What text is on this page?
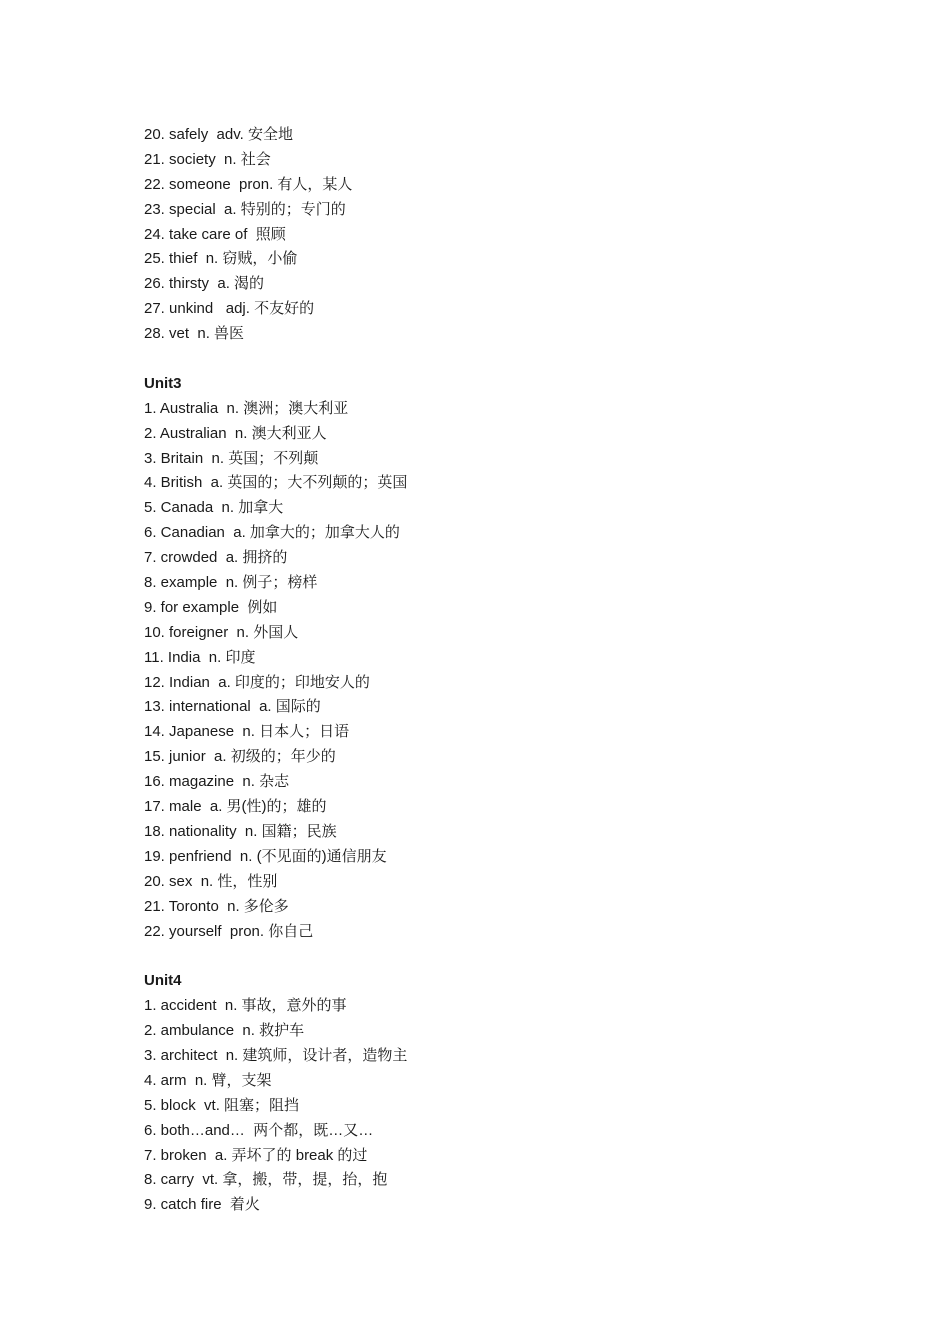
20. safely  adv. 安全地
21. society  n. 社会
22. someone  pron. 有人，某人
23. special  a. 特别的；专门的
24. take care of  照顾
25. thief  n. 窃贼，小偷
26. thirsty  a. 渴的
27. unkind   adj. 不友好的
28. vet  n. 兽医
Unit3
1. Australia  n. 澳洲；澳大利亚
2. Australian  n. 澳大利亚人
3. Britain  n. 英国；不列颠
4. British  a. 英国的；大不列颠的；英国
5. Canada  n. 加拿大
6. Canadian  a. 加拿大的；加拿大人的
7. crowded  a. 拥挤的
8. example  n. 例子；榜样
9. for example  例如
10. foreigner  n. 外国人
11. India  n. 印度
12. Indian  a. 印度的；印地安人的
13. international  a. 国际的
14. Japanese  n. 日本人；日语
15. junior  a. 初级的；年少的
16. magazine  n. 杂志
17. male  a. 男(性)的；雄的
18. nationality  n. 国籍；民族
19. penfriend  n. (不见面的)通信朋友
20. sex  n. 性，性别
21. Toronto  n. 多伦多
22. yourself  pron. 你自己
Unit4
1. accident  n. 事故，意外的事
2. ambulance  n. 救护车
3. architect  n. 建筑师，设计者，造物主
4. arm  n. 臂，支架
5. block  vt. 阻塞；阻挡
6. both…and…  两个都，既…又…
7. broken  a. 弄坏了的 break 的过
8. carry  vt. 拿，搬，带，提，抬，抱
9. catch fire  着火
